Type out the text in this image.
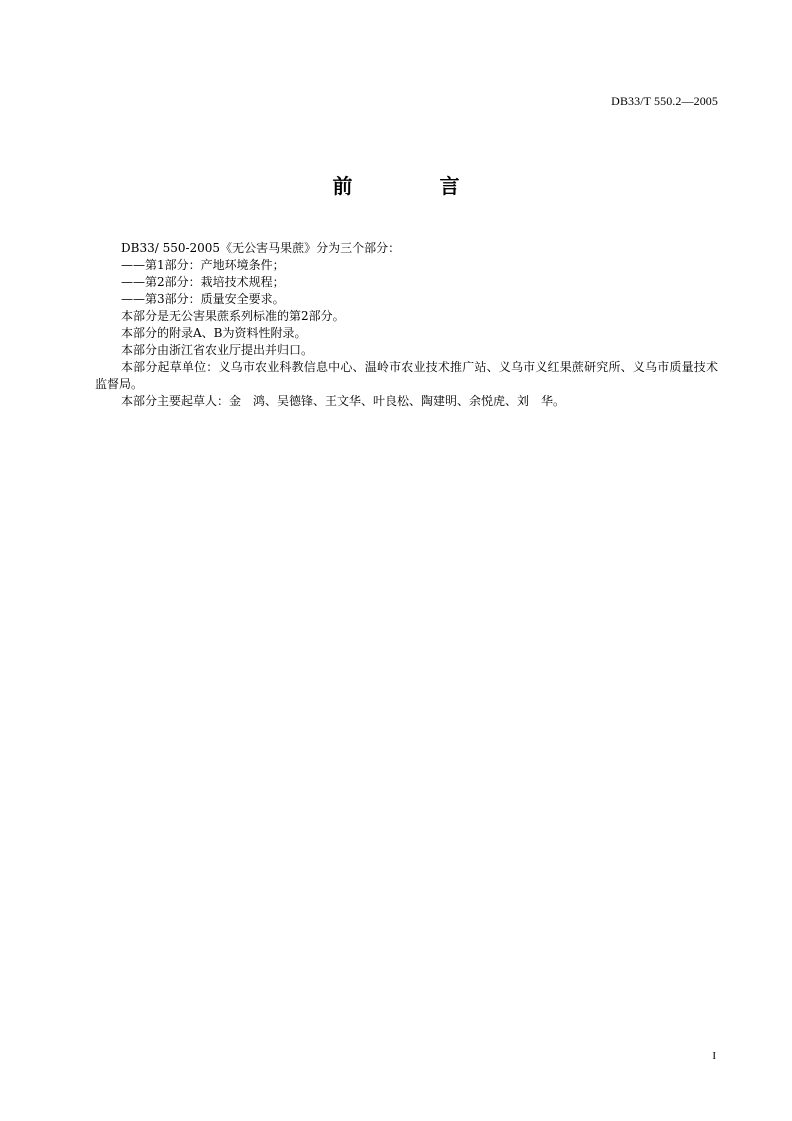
DB33/T 550.2—2005
前 言

DB33/ 550-2005《无公害马果蔗》分为三个部分：

——第1部分：产地环境条件；

——第2部分：栽培技术规程；

——第3部分：质量安全要求。

本部分是无公害果蔗系列标准的第2部分。

本部分的附录A、B为资料性附录。

本部分由浙江省农业厅提出并归口。

本部分起草单位：义乌市农业科教信息中心、温岭市农业技术推广站、义乌市义红果蔗研究所、义乌市质量技术监督局。

本部分主要起草人：金　鸿、吴德锋、王文华、叶良松、陶建明、余悦虎、刘　华。

I
